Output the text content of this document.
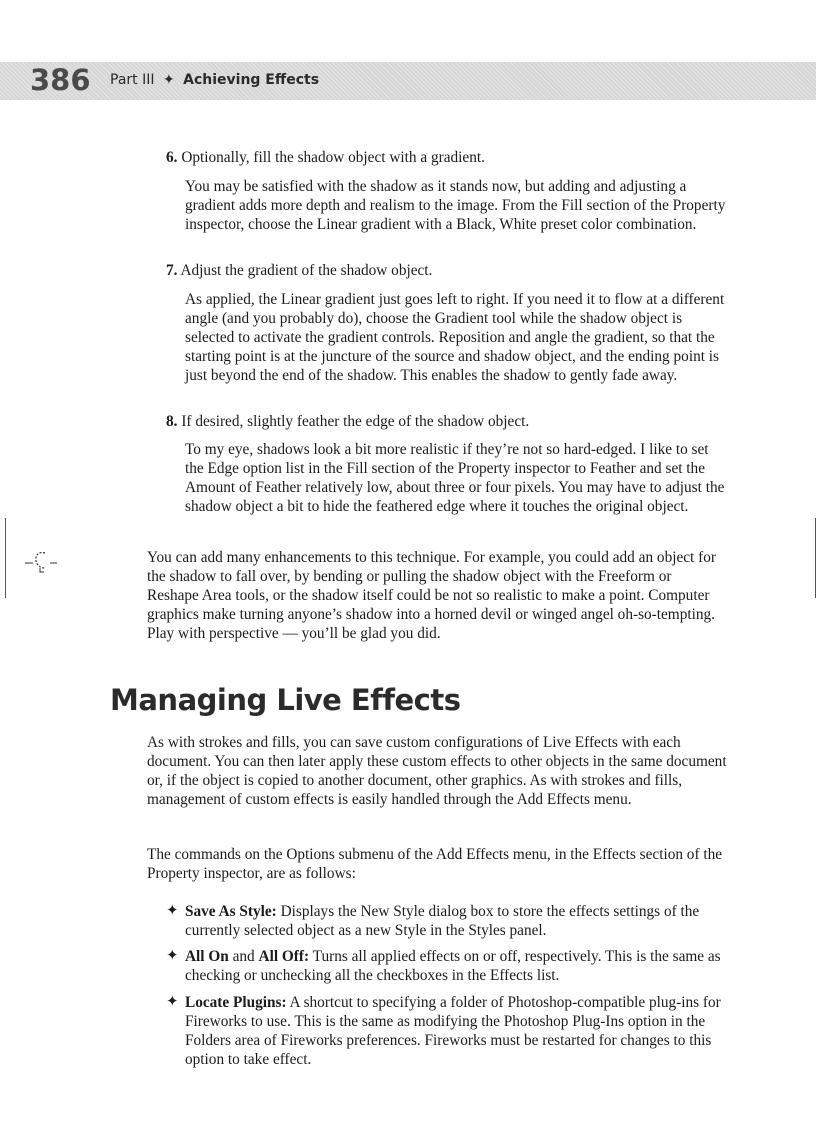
386 Part III ✦ Achieving Effects
6. Optionally, fill the shadow object with a gradient.

You may be satisfied with the shadow as it stands now, but adding and adjusting a gradient adds more depth and realism to the image. From the Fill section of the Property inspector, choose the Linear gradient with a Black, White preset color combination.

7. Adjust the gradient of the shadow object.

As applied, the Linear gradient just goes left to right. If you need it to flow at a different angle (and you probably do), choose the Gradient tool while the shadow object is selected to activate the gradient controls. Reposition and angle the gradient, so that the starting point is at the juncture of the source and shadow object, and the ending point is just beyond the end of the shadow. This enables the shadow to gently fade away.

8. If desired, slightly feather the edge of the shadow object.

To my eye, shadows look a bit more realistic if they’re not so hard-edged. I like to set the Edge option list in the Fill section of the Property inspector to Feather and set the Amount of Feather relatively low, about three or four pixels. You may have to adjust the shadow object a bit to hide the feathered edge where it touches the original object.

You can add many enhancements to this technique. For example, you could add an object for the shadow to fall over, by bending or pulling the shadow object with the Freeform or Reshape Area tools, or the shadow itself could be not so realistic to make a point. Computer graphics make turning anyone’s shadow into a horned devil or winged angel oh-so-tempting. Play with perspective — you’ll be glad you did.

Managing Live Effects

As with strokes and fills, you can save custom configurations of Live Effects with each document. You can then later apply these custom effects to other objects in the same document or, if the object is copied to another document, other graphics. As with strokes and fills, management of custom effects is easily handled through the Add Effects menu.

The commands on the Options submenu of the Add Effects menu, in the Effects section of the Property inspector, are as follows:

✦ Save As Style: Displays the New Style dialog box to store the effects settings of the currently selected object as a new Style in the Styles panel.
✦ All On and All Off: Turns all applied effects on or off, respectively. This is the same as checking or unchecking all the checkboxes in the Effects list.
✦ Locate Plugins: A shortcut to specifying a folder of Photoshop-compatible plug-ins for Fireworks to use. This is the same as modifying the Photoshop Plug-Ins option in the Folders area of Fireworks preferences. Fireworks must be restarted for changes to this option to take effect.
